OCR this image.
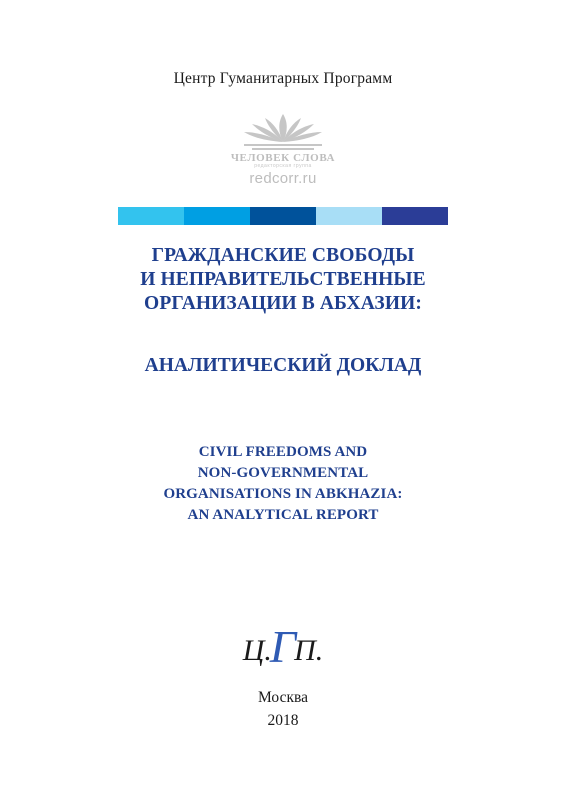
Центр Гуманитарных Программ
ЧЕЛОВЕК СЛОВА
редакторская группа
redcorr.ru
ГРАЖДАНСКИЕ СВОБОДЫ
И НЕПРАВИТЕЛЬСТВЕННЫЕ
ОРГАНИЗАЦИИ В АБХАЗИИ:
АНАЛИТИЧЕСКИЙ ДОКЛАД
CIVIL FREEDOMS AND
NON-GOVERNMENTAL
ORGANISATIONS IN ABKHAZIA:
AN ANALYTICAL REPORT
Ц.ГП.
Москва
2018
